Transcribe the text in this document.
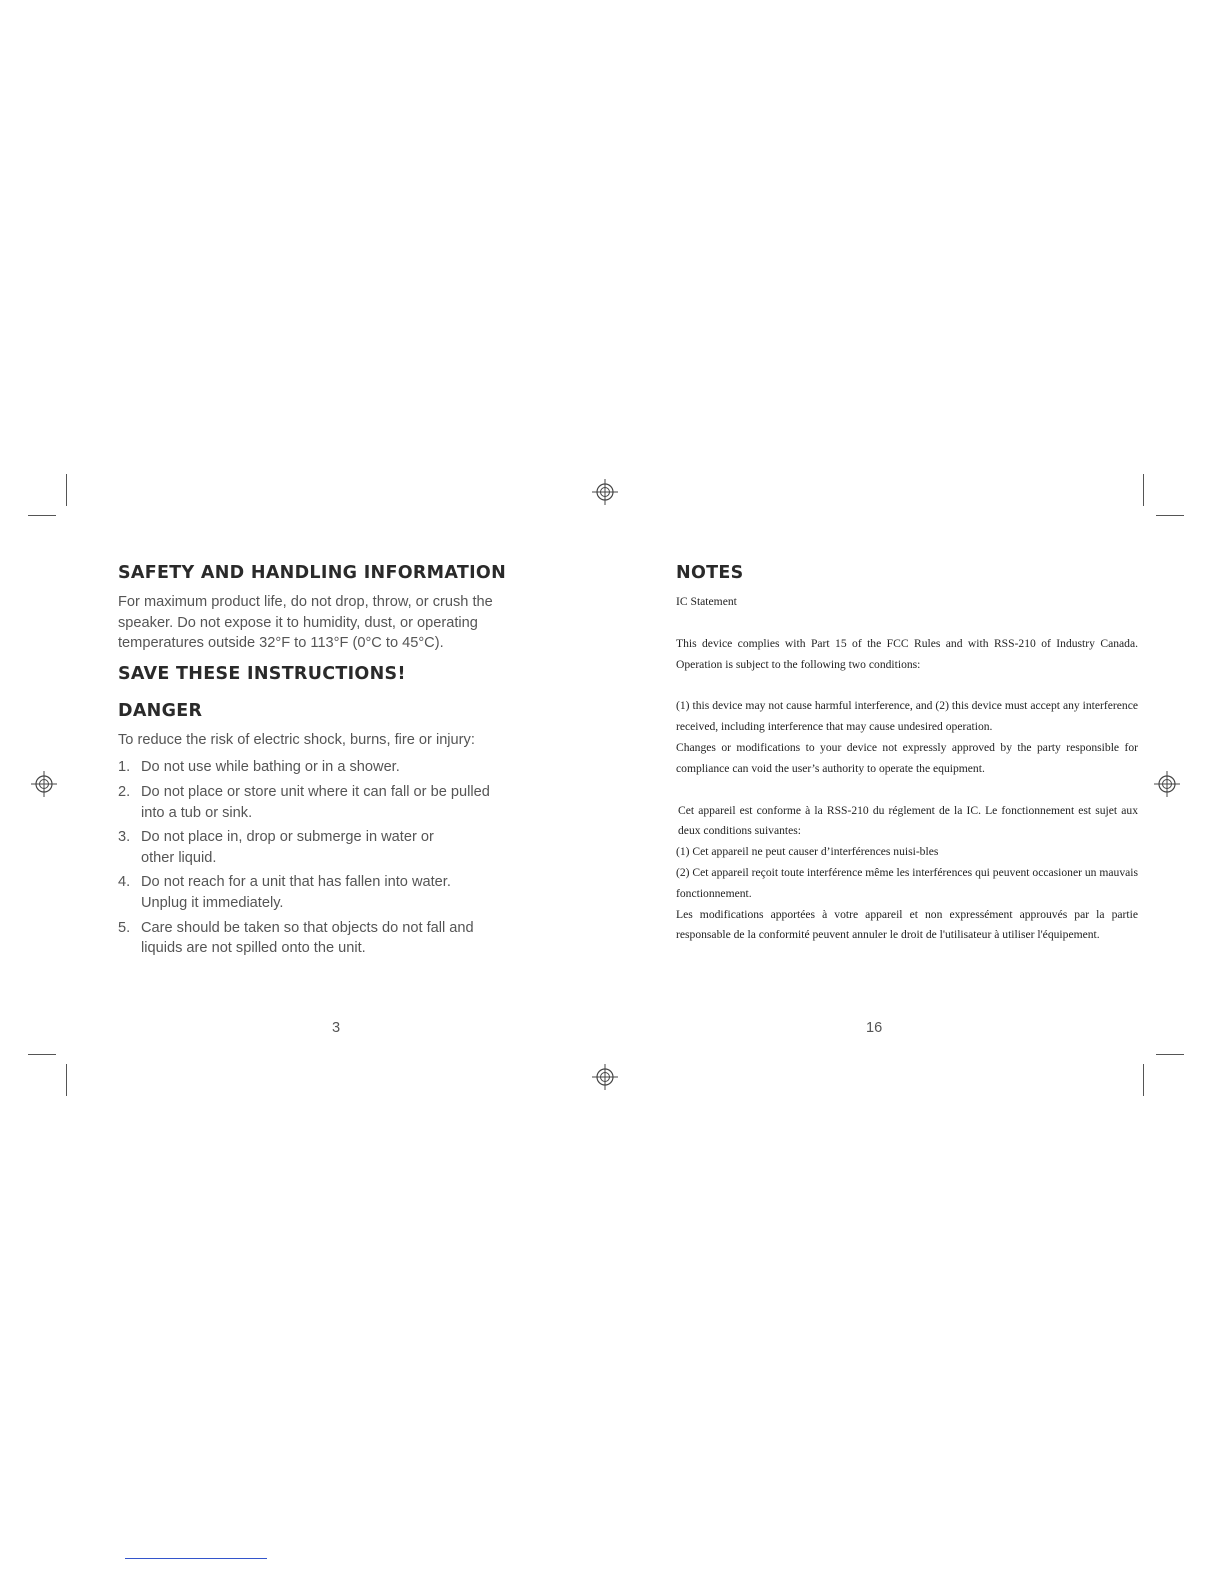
SAFETY AND HANDLING INFORMATION

For maximum product life, do not drop, throw, or crush the speaker. Do not expose it to humidity, dust, or operating temperatures outside 32°F to 113°F (0°C to 45°C).

SAVE THESE INSTRUCTIONS!
DANGER

To reduce the risk of electric shock, burns, fire or injury:

1. Do not use while bathing or in a shower.
2. Do not place or store unit where it can fall or be pulled into a tub or sink.
3. Do not place in, drop or submerge in water or other liquid.
4. Do not reach for a unit that has fallen into water. Unplug it immediately.
5. Care should be taken so that objects do not fall and liquids are not spilled onto the unit.
NOTES

IC Statement

This device complies with Part 15 of the FCC Rules and with RSS-210 of Industry Canada. Operation is subject to the following two conditions:

(1) this device may not cause harmful interference, and (2) this device must accept any interference received, including interference that may cause undesired operation.

Changes or modifications to your device not expressly approved by the party responsible for compliance can void the user’s authority to operate the equipment.

Cet appareil est conforme à la RSS-210 du réglement de la IC. Le fonctionnement est sujet aux deux conditions suivantes:

(1) Cet appareil ne peut causer d’interférences nuisi-bles

(2) Cet appareil reçoit toute interférence même les interférences qui peuvent occasioner un mauvais fonctionnement.

Les modifications apportées à votre appareil et non expressément approuvés par la partie responsable de la conformité peuvent annuler le droit de l'utilisateur à utiliser l'équipement.

3	16
